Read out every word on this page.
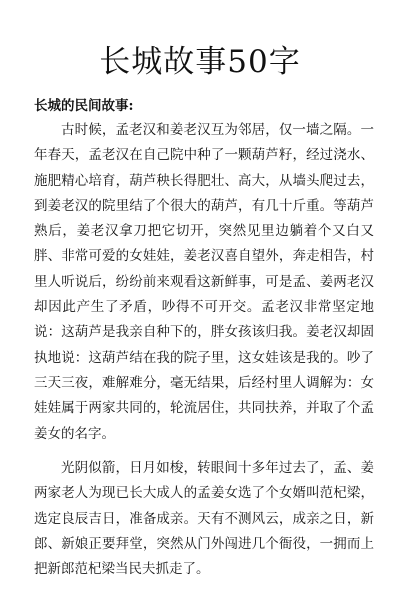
长城故事50字
长城的民间故事:

古时候，孟老汉和姜老汉互为邻居，仅一墙之隔。一年春天，孟老汉在自己院中种了一颗葫芦籽，经过浇水、施肥精心培育，葫芦秧长得肥壮、高大，从墙头爬过去，到姜老汉的院里结了个很大的葫芦，有几十斤重。等葫芦熟后，姜老汉拿刀把它切开，突然见里边躺着个又白又胖、非常可爱的女娃娃，姜老汉喜自望外，奔走相告，村里人听说后，纷纷前来观看这新鲜事，可是孟、姜两老汉却因此产生了矛盾，吵得不可开交。孟老汉非常坚定地说：这葫芦是我亲自种下的，胖女孩该归我。姜老汉却固执地说：这葫芦结在我的院子里，这女娃该是我的。吵了三天三夜，难解难分，毫无结果，后经村里人调解为：女娃娃属于两家共同的，轮流居住，共同扶养，并取了个孟姜女的名字。

光阴似箭，日月如梭，转眼间十多年过去了，孟、姜两家老人为现已长大成人的孟姜女选了个女婿叫范杞梁，选定良辰吉日，准备成亲。天有不测风云，成亲之日，新郎、新娘正要拜堂，突然从门外闯进几个衙役，一拥而上把新郎范杞梁当民夫抓走了。
